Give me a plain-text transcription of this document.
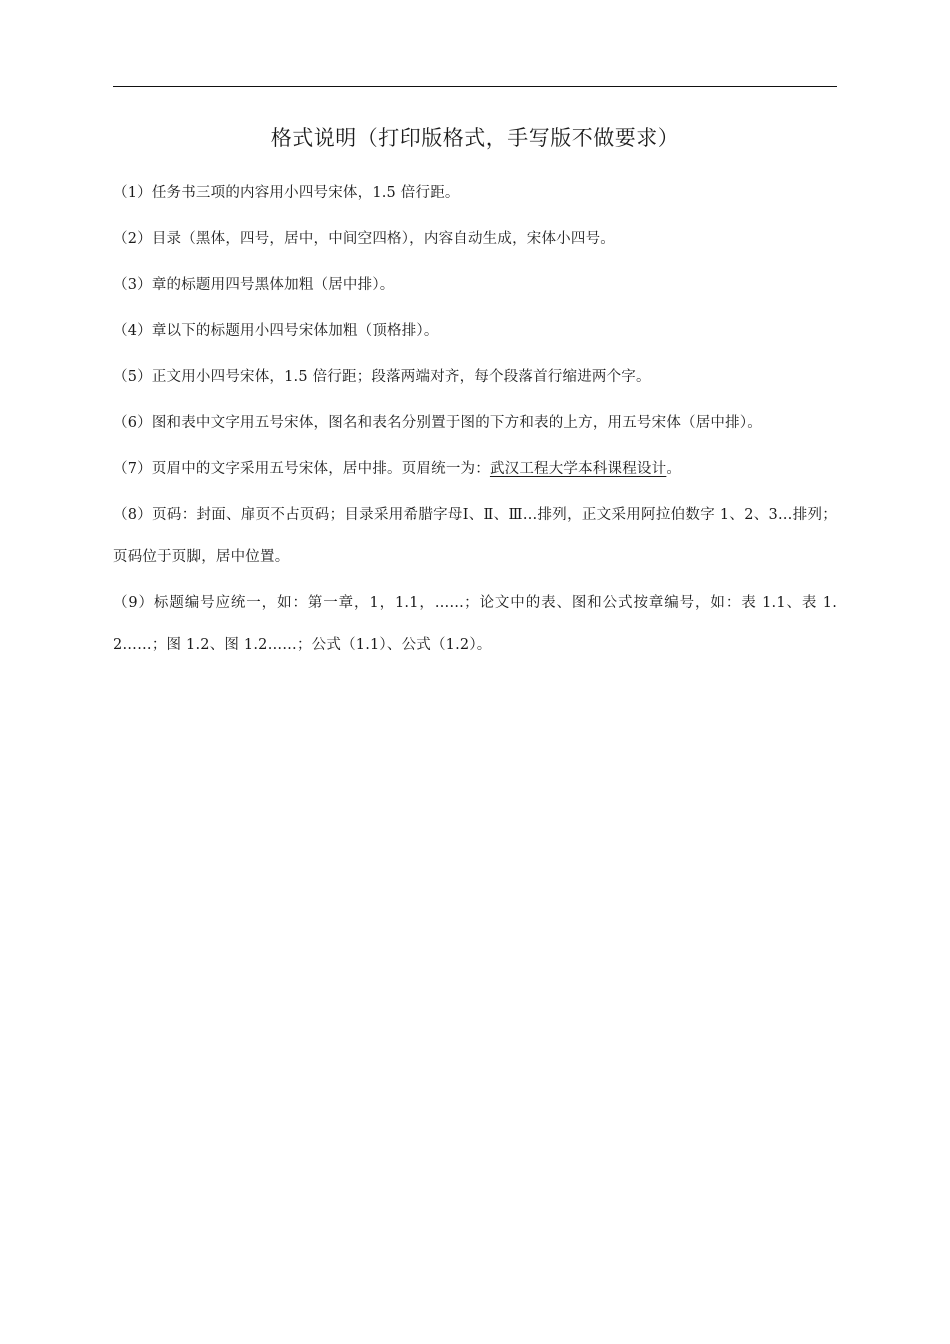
格式说明（打印版格式，手写版不做要求）
（1）任务书三项的内容用小四号宋体，1.5 倍行距。
（2）目录（黑体，四号，居中，中间空四格），内容自动生成，宋体小四号。
（3）章的标题用四号黑体加粗（居中排）。
（4）章以下的标题用小四号宋体加粗（顶格排）。
（5）正文用小四号宋体，1.5 倍行距；段落两端对齐，每个段落首行缩进两个字。
（6）图和表中文字用五号宋体，图名和表名分别置于图的下方和表的上方，用五号宋体（居中排）。
（7）页眉中的文字采用五号宋体，居中排。页眉统一为：武汉工程大学本科课程设计。
（8）页码：封面、扉页不占页码；目录采用希腊字母Ⅰ、Ⅱ、Ⅲ…排列，正文采用阿拉伯数字 1、2、3…排列；页码位于页脚，居中位置。
（9）标题编号应统一，如：第一章，1，1.1，……；论文中的表、图和公式按章编号，如：表 1.1、表 1.2……；图 1.2、图 1.2……；公式（1.1）、公式（1.2）。
